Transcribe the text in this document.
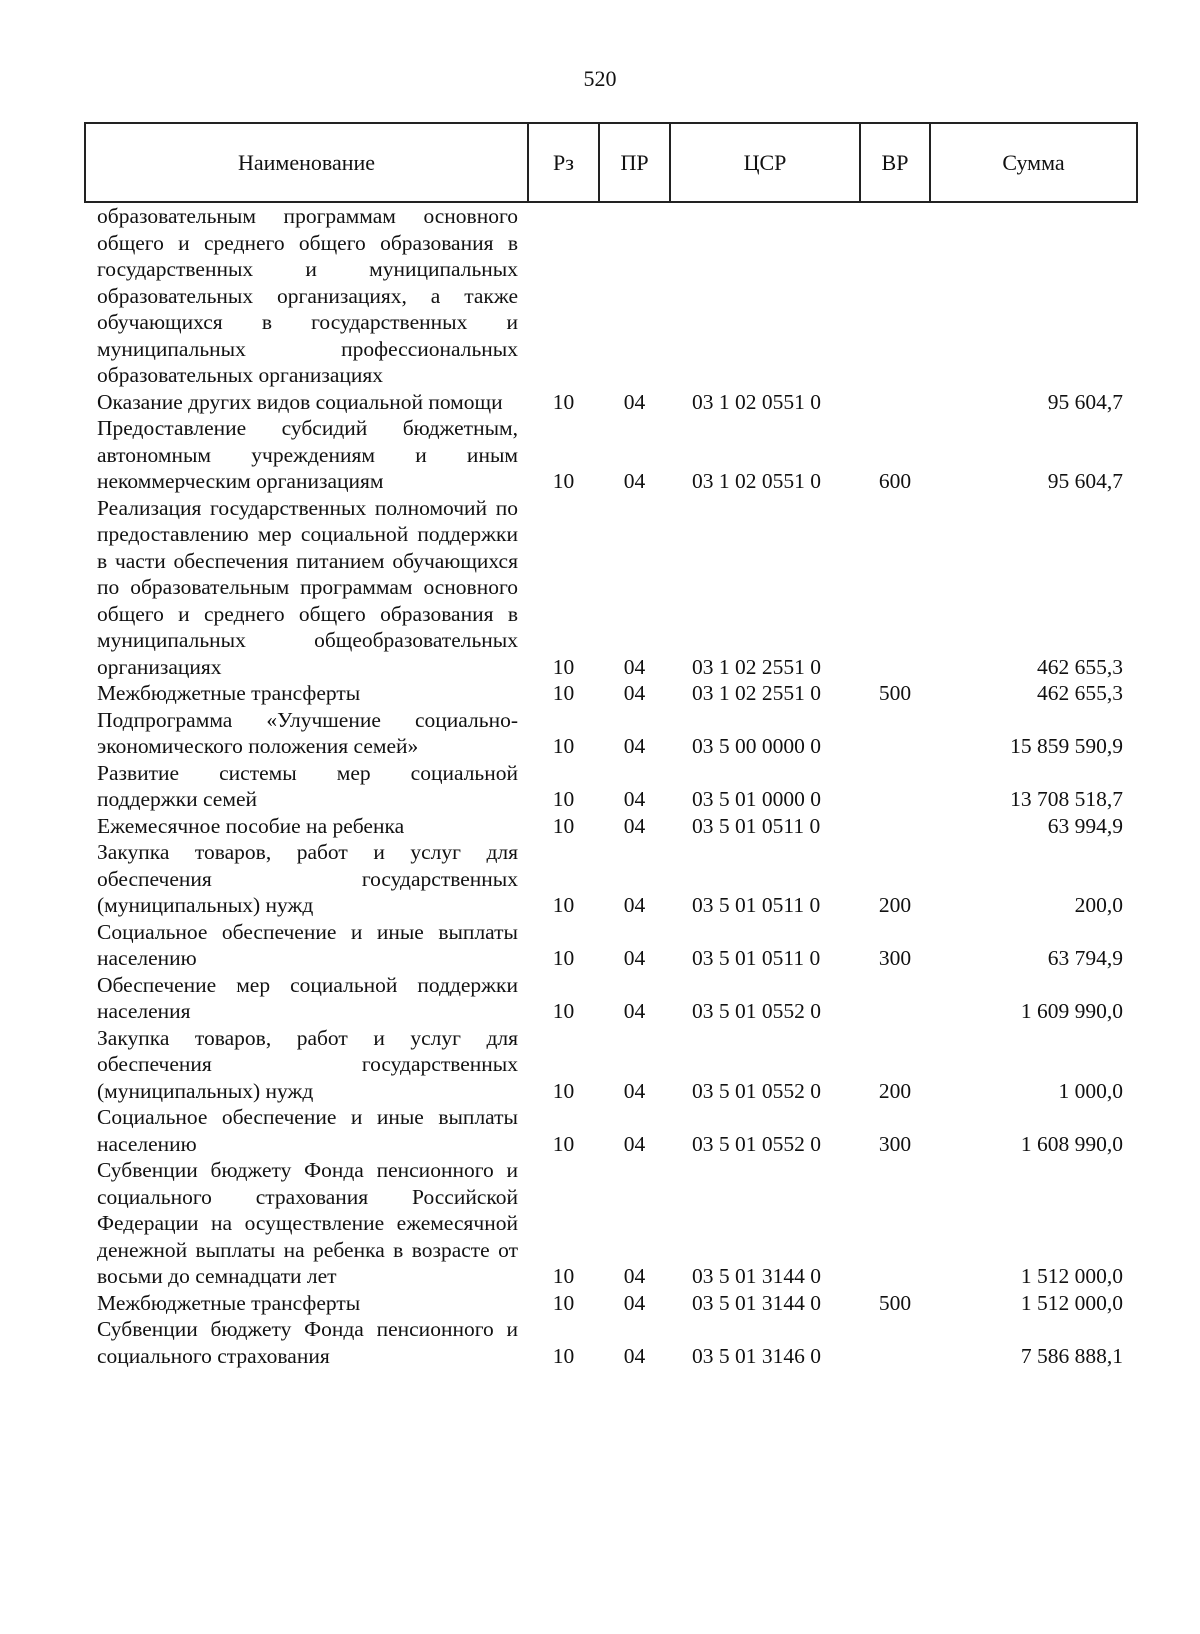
520
Наименование	Рз	ПР	ЦСР	ВР	Сумма
образовательным программам основного общего и среднего общего образования в государственных и муниципальных образовательных организациях, а также обучающихся в государственных и муниципальных профессиональных образовательных организациях					
Оказание других видов социальной помощи	10	04	03 1 02 0551 0		95 604,7
Предоставление субсидий бюджетным, автономным учреждениям и иным некоммерческим организациям	10	04	03 1 02 0551 0	600	95 604,7
Реализация государственных полномочий по предоставлению мер социальной поддержки в части обеспечения питанием обучающихся по образовательным программам основного общего и среднего общего образования в муниципальных общеобразовательных организациях	10	04	03 1 02 2551 0		462 655,3
Межбюджетные трансферты	10	04	03 1 02 2551 0	500	462 655,3
Подпрограмма «Улучшение социально-экономического положения семей»	10	04	03 5 00 0000 0		15 859 590,9
Развитие системы мер социальной поддержки семей	10	04	03 5 01 0000 0		13 708 518,7
Ежемесячное пособие на ребенка	10	04	03 5 01 0511 0		63 994,9
Закупка товаров, работ и услуг для обеспечения государственных (муниципальных) нужд	10	04	03 5 01 0511 0	200	200,0
Социальное обеспечение и иные выплаты населению	10	04	03 5 01 0511 0	300	63 794,9
Обеспечение мер социальной поддержки населения	10	04	03 5 01 0552 0		1 609 990,0
Закупка товаров, работ и услуг для обеспечения государственных (муниципальных) нужд	10	04	03 5 01 0552 0	200	1 000,0
Социальное обеспечение и иные выплаты населению	10	04	03 5 01 0552 0	300	1 608 990,0
Субвенции бюджету Фонда пенсионного и социального страхования Российской Федерации на осуществление ежемесячной денежной выплаты на ребенка в возрасте от восьми до семнадцати лет	10	04	03 5 01 3144 0		1 512 000,0
Межбюджетные трансферты	10	04	03 5 01 3144 0	500	1 512 000,0
Субвенции бюджету Фонда пенсионного и социального страхования	10	04	03 5 01 3146 0		7 586 888,1
